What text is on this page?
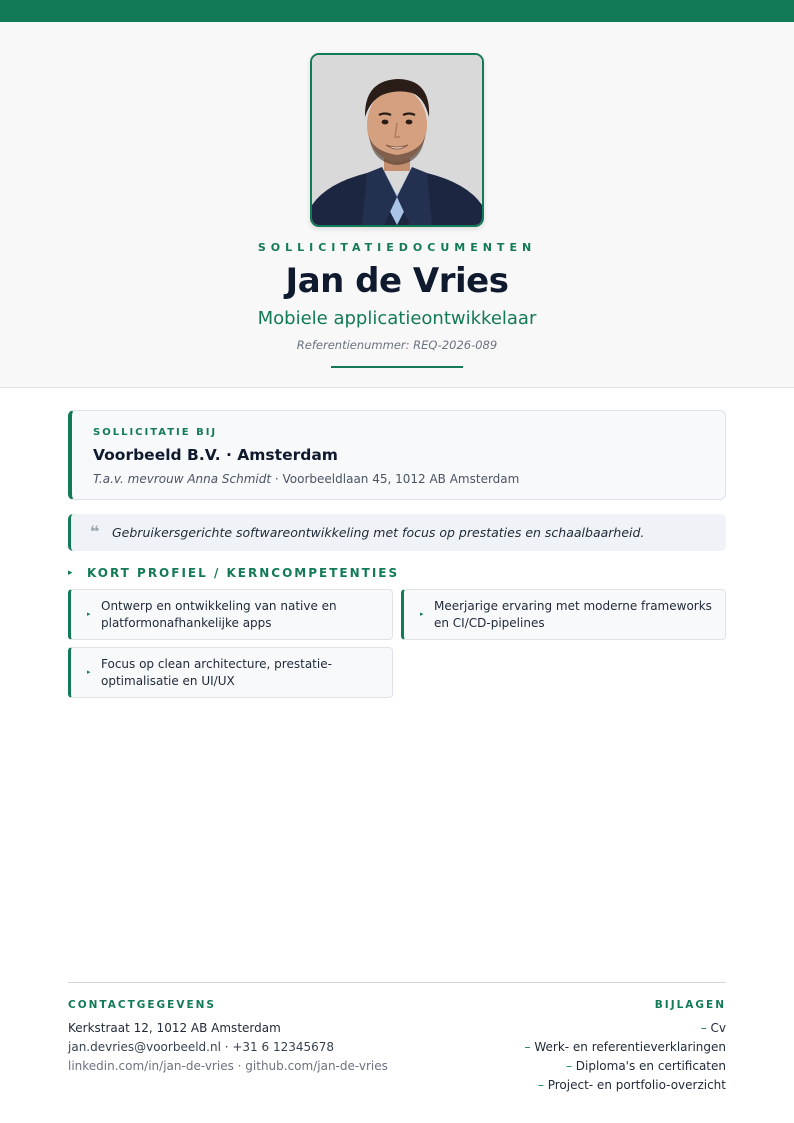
SOLLICITATIEDOCUMENTEN
Jan de Vries
Mobiele applicatieontwikkelaar
Referentienummer: REQ-2026-089
SOLLICITATIE BIJ
Voorbeeld B.V. · Amsterdam
T.a.v. mevrouw Anna Schmidt · Voorbeeldlaan 45, 1012 AB Amsterdam
❝ Gebruikersgerichte softwareontwikkeling met focus op prestaties en schaalbaarheid.
▸ KORT PROFIEL / KERNCOMPETENTIES
▸
Ontwerp en ontwikkeling van native en platformonafhankelijke apps
▸
Meerjarige ervaring met moderne frameworks en CI/CD-pipelines
▸
Focus op clean architecture, prestatie-optimalisatie en UI/UX
CONTACTGEGEVENS
Kerkstraat 12, 1012 AB Amsterdam
jan.devries@voorbeeld.nl · +31 6 12345678
linkedin.com/in/jan-de-vries · github.com/jan-de-vries
BIJLAGEN
– Cv
– Werk- en referentieverklaringen
– Diploma's en certificaten
– Project- en portfolio-overzicht
